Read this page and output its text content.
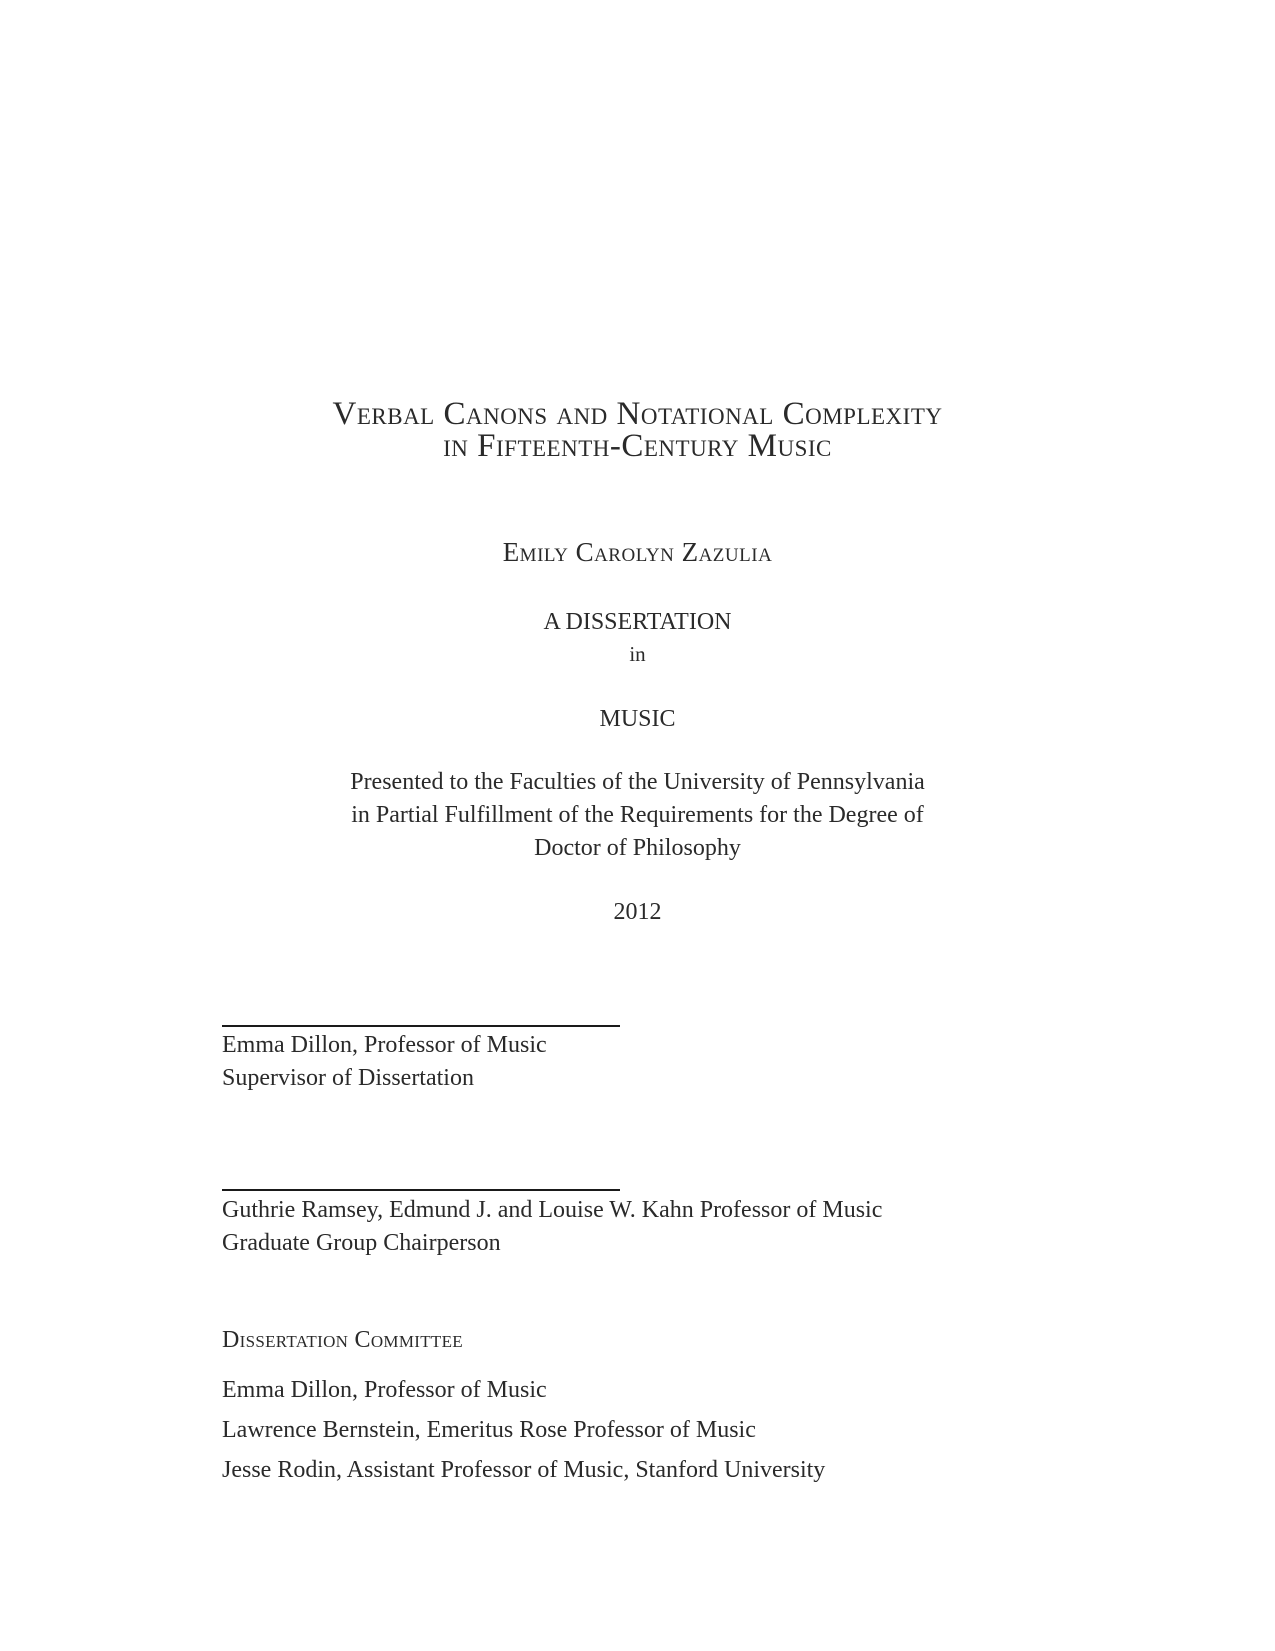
Verbal Canons and Notational Complexity
in Fifteenth-Century Music
Emily Carolyn Zazulia
A DISSERTATION
in
MUSIC
Presented to the Faculties of the University of Pennsylvania
in Partial Fulfillment of the Requirements for the Degree of
Doctor of Philosophy
2012
Emma Dillon, Professor of Music
Supervisor of Dissertation
Guthrie Ramsey, Edmund J. and Louise W. Kahn Professor of Music
Graduate Group Chairperson
Dissertation Committee
Emma Dillon, Professor of Music
Lawrence Bernstein, Emeritus Rose Professor of Music
Jesse Rodin, Assistant Professor of Music, Stanford University
